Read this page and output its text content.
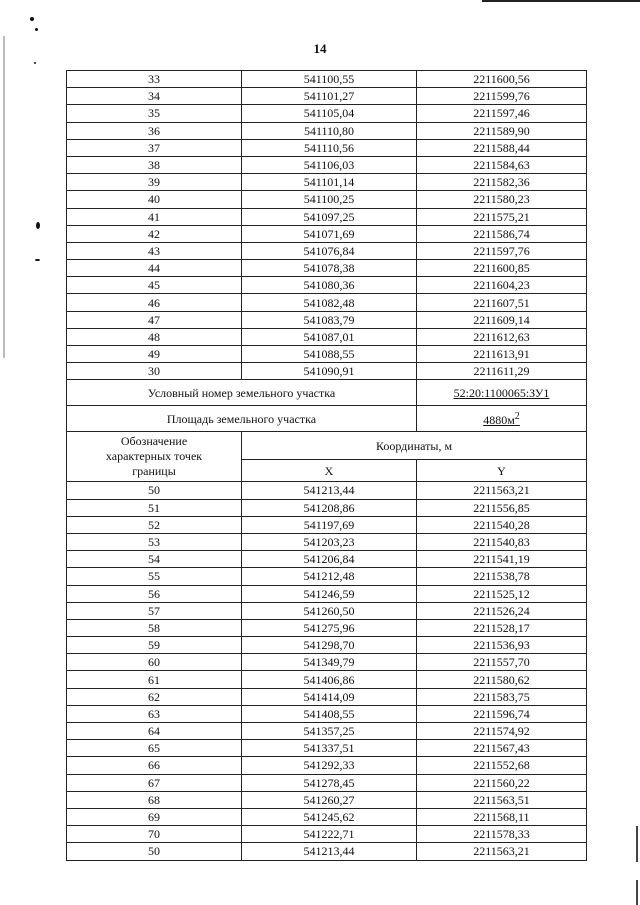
14
33	541100,55	2211600,56
34	541101,27	2211599,76
35	541105,04	2211597,46
36	541110,80	2211589,90
37	541110,56	2211588,44
38	541106,03	2211584,63
39	541101,14	2211582,36
40	541100,25	2211580,23
41	541097,25	2211575,21
42	541071,69	2211586,74
43	541076,84	2211597,76
44	541078,38	2211600,85
45	541080,36	2211604,23
46	541082,48	2211607,51
47	541083,79	2211609,14
48	541087,01	2211612,63
49	541088,55	2211613,91
30	541090,91	2211611,29
Условный номер земельного участка		52:20:1100065:ЗУ1
Площадь земельного участка		$4880м^2$
Обозначение характерных точек границы	Координаты, м	
	X	Y
50	541213,44	2211563,21
51	541208,86	2211556,85
52	541197,69	2211540,28
53	541203,23	2211540,83
54	541206,84	2211541,19
55	541212,48	2211538,78
56	541246,59	2211525,12
57	541260,50	2211526,24
58	541275,96	2211528,17
59	541298,70	2211536,93
60	541349,79	2211557,70
61	541406,86	2211580,62
62	541414,09	2211583,75
63	541408,55	2211596,74
64	541357,25	2211574,92
65	541337,51	2211567,43
66	541292,33	2211552,68
67	541278,45	2211560,22
68	541260,27	2211563,51
69	541245,62	2211568,11
70	541222,71	2211578,33
50	541213,44	2211563,21
